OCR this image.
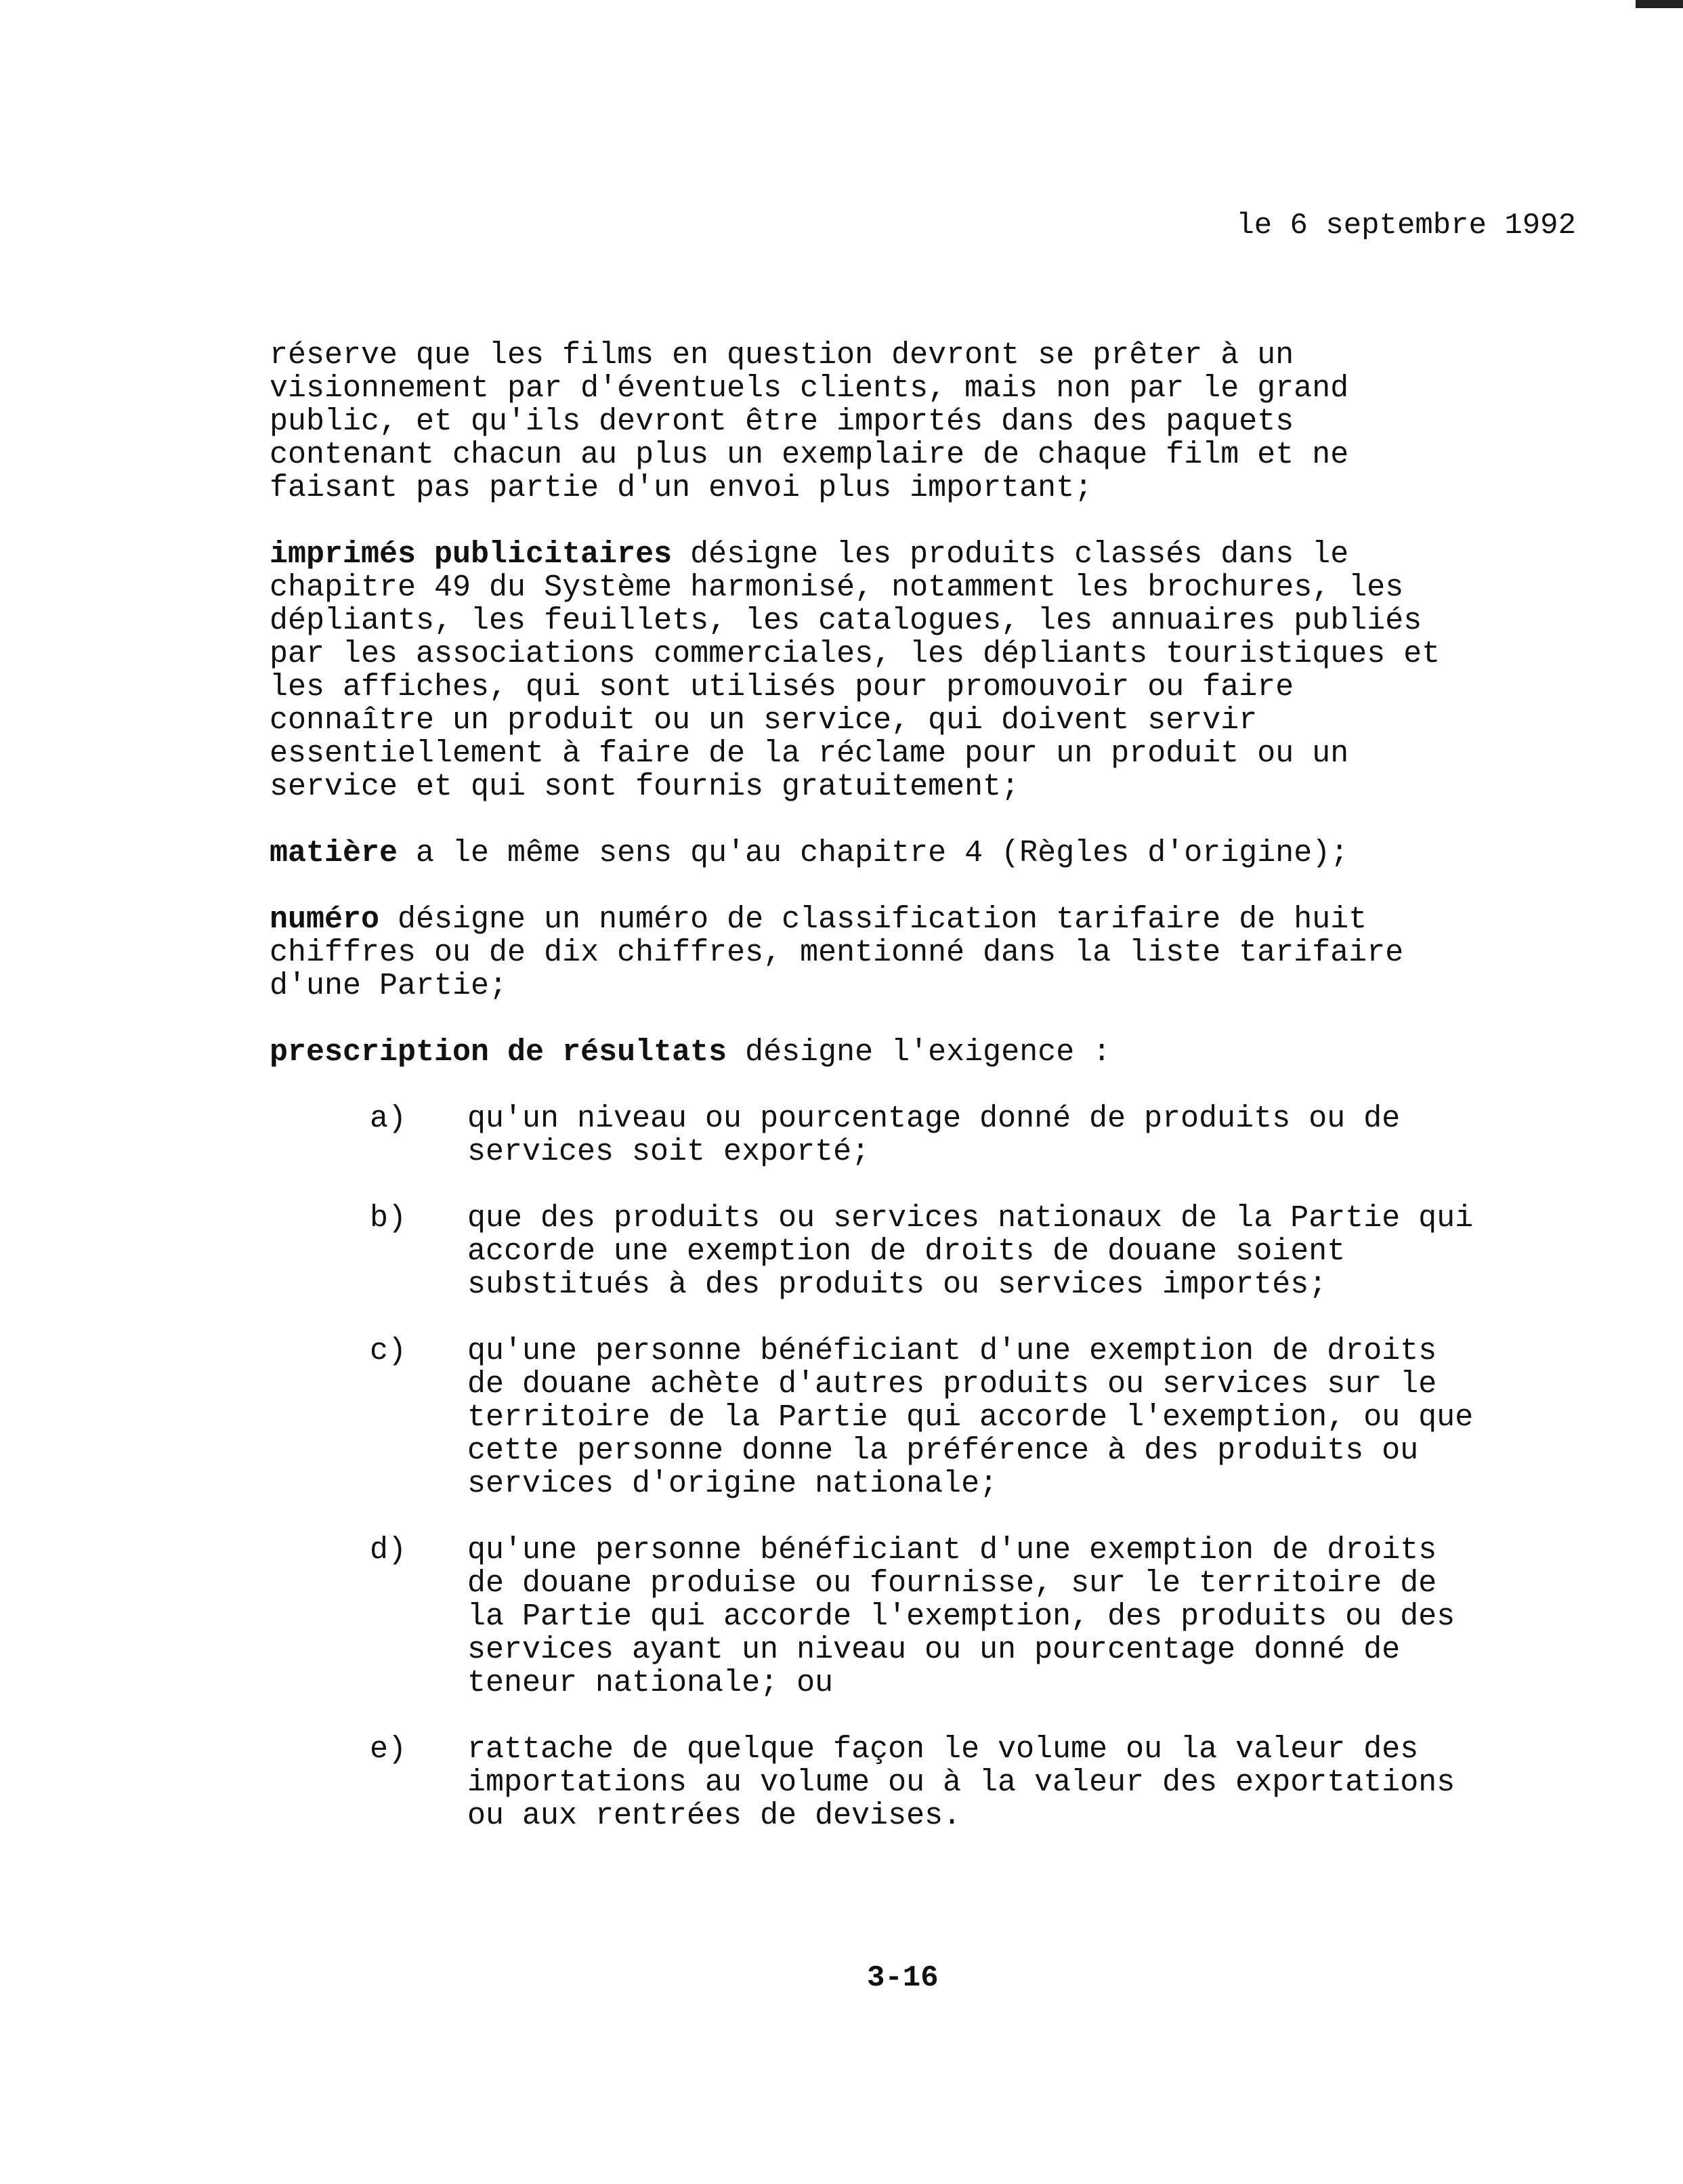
le 6 septembre 1992

réserve que les films en question devront se prêter à un
visionnement par d'éventuels clients, mais non par le grand
public, et qu'ils devront être importés dans des paquets
contenant chacun au plus un exemplaire de chaque film et ne
faisant pas partie d'un envoi plus important;

imprimés publicitaires désigne les produits classés dans le
chapitre 49 du Système harmonisé, notamment les brochures, les
dépliants, les feuillets, les catalogues, les annuaires publiés
par les associations commerciales, les dépliants touristiques et
les affiches, qui sont utilisés pour promouvoir ou faire
connaître un produit ou un service, qui doivent servir
essentiellement à faire de la réclame pour un produit ou un
service et qui sont fournis gratuitement;

matière a le même sens qu'au chapitre 4 (Règles d'origine);

numéro désigne un numéro de classification tarifaire de huit
chiffres ou de dix chiffres, mentionné dans la liste tarifaire
d'une Partie;

prescription de résultats désigne l'exigence :

a) qu'un niveau ou pourcentage donné de produits ou de
services soit exporté;
b) que des produits ou services nationaux de la Partie qui
accorde une exemption de droits de douane soient
substitués à des produits ou services importés;
c) qu'une personne bénéficiant d'une exemption de droits
de douane achète d'autres produits ou services sur le
territoire de la Partie qui accorde l'exemption, ou que
cette personne donne la préférence à des produits ou
services d'origine nationale;
d) qu'une personne bénéficiant d'une exemption de droits
de douane produise ou fournisse, sur le territoire de
la Partie qui accorde l'exemption, des produits ou des
services ayant un niveau ou un pourcentage donné de
teneur nationale; ou
e) rattache de quelque façon le volume ou la valeur des
importations au volume ou à la valeur des exportations
ou aux rentrées de devises.
3-16
